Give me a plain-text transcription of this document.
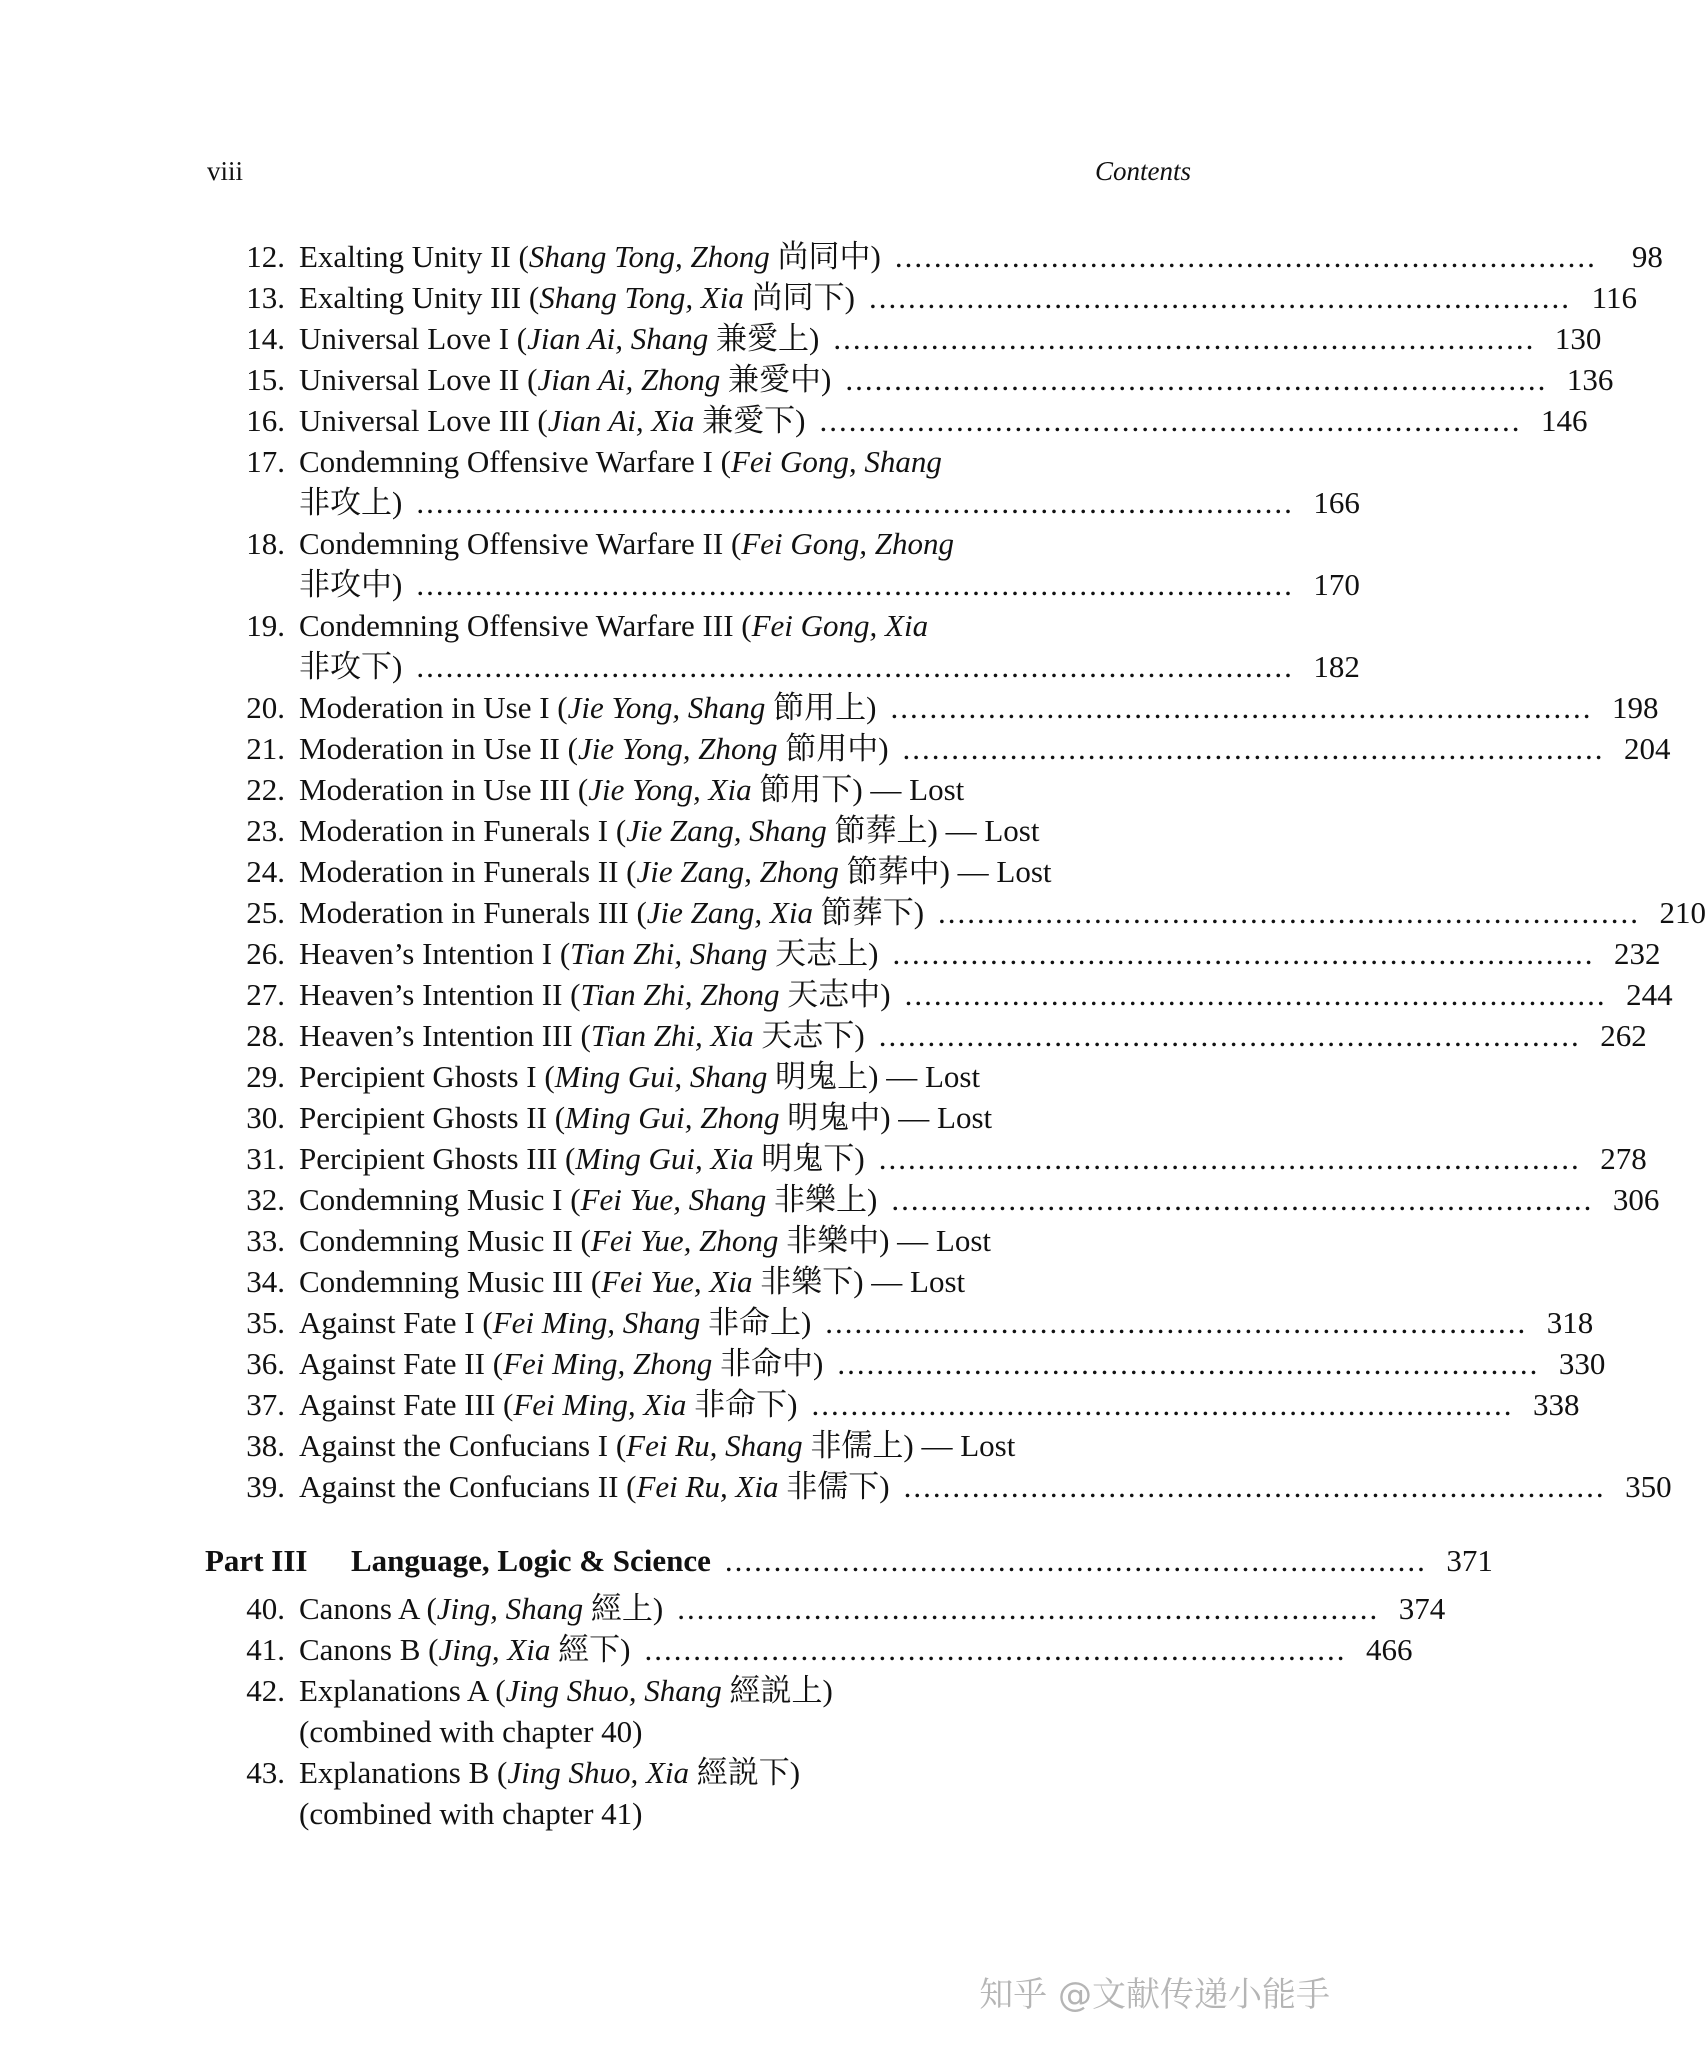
viii	Contents
12. Exalting Unity II (Shang Tong, Zhong 尚同中) ........................................................................	98
13. Exalting Unity III (Shang Tong, Xia 尚同下) ........................................................................ 116
14. Universal Love I (Jian Ai, Shang 兼愛上) ........................................................................ 130
15. Universal Love II (Jian Ai, Zhong 兼愛中) ........................................................................ 136
16. Universal Love III (Jian Ai, Xia 兼愛下) ........................................................................ 146
17. Condemning Offensive Warfare I (Fei Gong, Shang
非攻上) .......................................................................................... 166
18. Condemning Offensive Warfare II (Fei Gong, Zhong
非攻中) .......................................................................................... 170
19. Condemning Offensive Warfare III (Fei Gong, Xia
非攻下) .......................................................................................... 182
20. Moderation in Use I (Jie Yong, Shang 節用上) ........................................................................ 198
21. Moderation in Use II (Jie Yong, Zhong 節用中) ........................................................................ 204
22. Moderation in Use III (Jie Yong, Xia 節用下) — Lost
23. Moderation in Funerals I (Jie Zang, Shang 節葬上) — Lost
24. Moderation in Funerals II (Jie Zang, Zhong 節葬中) — Lost
25. Moderation in Funerals III (Jie Zang, Xia 節葬下) ........................................................................ 210
26. Heaven’s Intention I (Tian Zhi, Shang 天志上) ........................................................................ 232
27. Heaven’s Intention II (Tian Zhi, Zhong 天志中) ........................................................................ 244
28. Heaven’s Intention III (Tian Zhi, Xia 天志下) ........................................................................ 262
29. Percipient Ghosts I (Ming Gui, Shang 明鬼上) — Lost
30. Percipient Ghosts II (Ming Gui, Zhong 明鬼中) — Lost
31. Percipient Ghosts III (Ming Gui, Xia 明鬼下) ........................................................................ 278
32. Condemning Music I (Fei Yue, Shang 非樂上) ........................................................................ 306
33. Condemning Music II (Fei Yue, Zhong 非樂中) — Lost
34. Condemning Music III (Fei Yue, Xia 非樂下) — Lost
35. Against Fate I (Fei Ming, Shang 非命上) ........................................................................ 318
36. Against Fate II (Fei Ming, Zhong 非命中) ........................................................................ 330
37. Against Fate III (Fei Ming, Xia 非命下) ........................................................................ 338
38. Against the Confucians I (Fei Ru, Shang 非儒上) — Lost
39. Against the Confucians II (Fei Ru, Xia 非儒下) ........................................................................ 350
Part III	Language, Logic & Science ........................................................................ 371
40. Canons A (Jing, Shang 經上) ........................................................................ 374
41. Canons B (Jing, Xia 經下) ........................................................................ 466
42. Explanations A (Jing Shuo, Shang 經説上)
(combined with chapter 40)
43. Explanations B (Jing Shuo, Xia 經説下)
(combined with chapter 41)
知乎 @文献传递小能手
